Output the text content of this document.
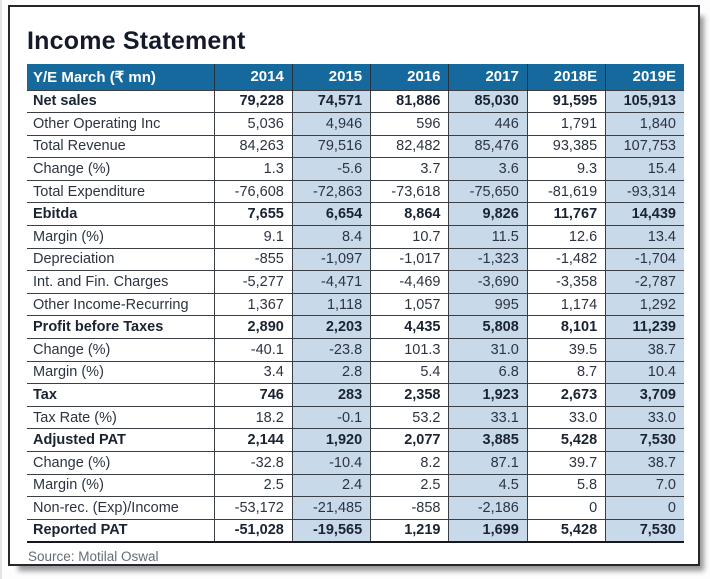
Income Statement
Y/E March (₹ mn)	2014	2015	2016	2017	2018E	2019E
Net sales	79,228	74,571	81,886	85,030	91,595	105,913
Other Operating Inc	5,036	4,946	596	446	1,791	1,840
Total Revenue	84,263	79,516	82,482	85,476	93,385	107,753
Change (%)	1.3	-5.6	3.7	3.6	9.3	15.4
Total Expenditure	-76,608	-72,863	-73,618	-75,650	-81,619	-93,314
Ebitda	7,655	6,654	8,864	9,826	11,767	14,439
Margin (%)	9.1	8.4	10.7	11.5	12.6	13.4
Depreciation	-855	-1,097	-1,017	-1,323	-1,482	-1,704
Int. and Fin. Charges	-5,277	-4,471	-4,469	-3,690	-3,358	-2,787
Other Income-Recurring	1,367	1,118	1,057	995	1,174	1,292
Profit before Taxes	2,890	2,203	4,435	5,808	8,101	11,239
Change (%)	-40.1	-23.8	101.3	31.0	39.5	38.7
Margin (%)	3.4	2.8	5.4	6.8	8.7	10.4
Tax	746	283	2,358	1,923	2,673	3,709
Tax Rate (%)	18.2	-0.1	53.2	33.1	33.0	33.0
Adjusted PAT	2,144	1,920	2,077	3,885	5,428	7,530
Change (%)	-32.8	-10.4	8.2	87.1	39.7	38.7
Margin (%)	2.5	2.4	2.5	4.5	5.8	7.0
Non-rec. (Exp)/Income	-53,172	-21,485	-858	-2,186	0	0
Reported PAT	-51,028	-19,565	1,219	1,699	5,428	7,530
Source: Motilal Oswal
